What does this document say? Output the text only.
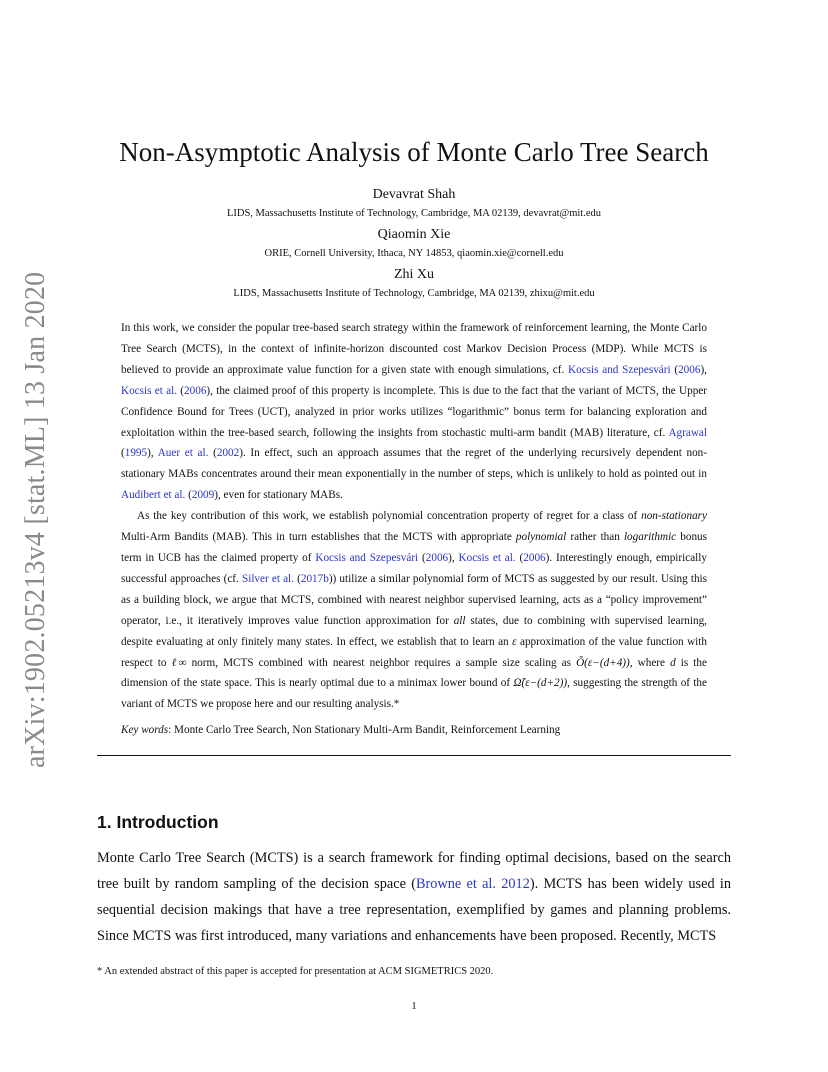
arXiv:1902.05213v4 [stat.ML] 13 Jan 2020
Non-Asymptotic Analysis of Monte Carlo Tree Search
Devavrat Shah
LIDS, Massachusetts Institute of Technology, Cambridge, MA 02139, devavrat@mit.edu
Qiaomin Xie
ORIE, Cornell University, Ithaca, NY 14853, qiaomin.xie@cornell.edu
Zhi Xu
LIDS, Massachusetts Institute of Technology, Cambridge, MA 02139, zhixu@mit.edu

In this work, we consider the popular tree-based search strategy within the framework of reinforcement learning, the Monte Carlo Tree Search (MCTS), in the context of infinite-horizon discounted cost Markov Decision Process (MDP). While MCTS is believed to provide an approximate value function for a given state with enough simulations, cf. Kocsis and Szepesvári (2006), Kocsis et al. (2006), the claimed proof of this property is incomplete. This is due to the fact that the variant of MCTS, the Upper Confidence Bound for Trees (UCT), analyzed in prior works utilizes “logarithmic” bonus term for balancing exploration and exploitation within the tree-based search, following the insights from stochastic multi-arm bandit (MAB) literature, cf. Agrawal (1995), Auer et al. (2002). In effect, such an approach assumes that the regret of the underlying recursively dependent non-stationary MABs concentrates around their mean exponentially in the number of steps, which is unlikely to hold as pointed out in Audibert et al. (2009), even for stationary MABs.

As the key contribution of this work, we establish polynomial concentration property of regret for a class of non-stationary Multi-Arm Bandits (MAB). This in turn establishes that the MCTS with appropriate polynomial rather than logarithmic bonus term in UCB has the claimed property of Kocsis and Szepesvári (2006), Kocsis et al. (2006). Interestingly enough, empirically successful approaches (cf. Silver et al. (2017b)) utilize a similar polynomial form of MCTS as suggested by our result. Using this as a building block, we argue that MCTS, combined with nearest neighbor supervised learning, acts as a “policy improvement” operator, i.e., it iteratively improves value function approximation for all states, due to combining with supervised learning, despite evaluating at only finitely many states. In effect, we establish that to learn an ε approximation of the value function with respect to ℓ∞ norm, MCTS combined with nearest neighbor requires a sample size scaling as Õ(ε−(d+4)), where d is the dimension of the state space. This is nearly optimal due to a minimax lower bound of Ω̃(ε−(d+2)), suggesting the strength of the variant of MCTS we propose here and our resulting analysis.*

Key words: Monte Carlo Tree Search, Non Stationary Multi-Arm Bandit, Reinforcement Learning
1. Introduction

Monte Carlo Tree Search (MCTS) is a search framework for finding optimal decisions, based on the search tree built by random sampling of the decision space (Browne et al. 2012). MCTS has been widely used in sequential decision makings that have a tree representation, exemplified by games and planning problems. Since MCTS was first introduced, many variations and enhancements have been proposed. Recently, MCTS

* An extended abstract of this paper is accepted for presentation at ACM SIGMETRICS 2020.
1
